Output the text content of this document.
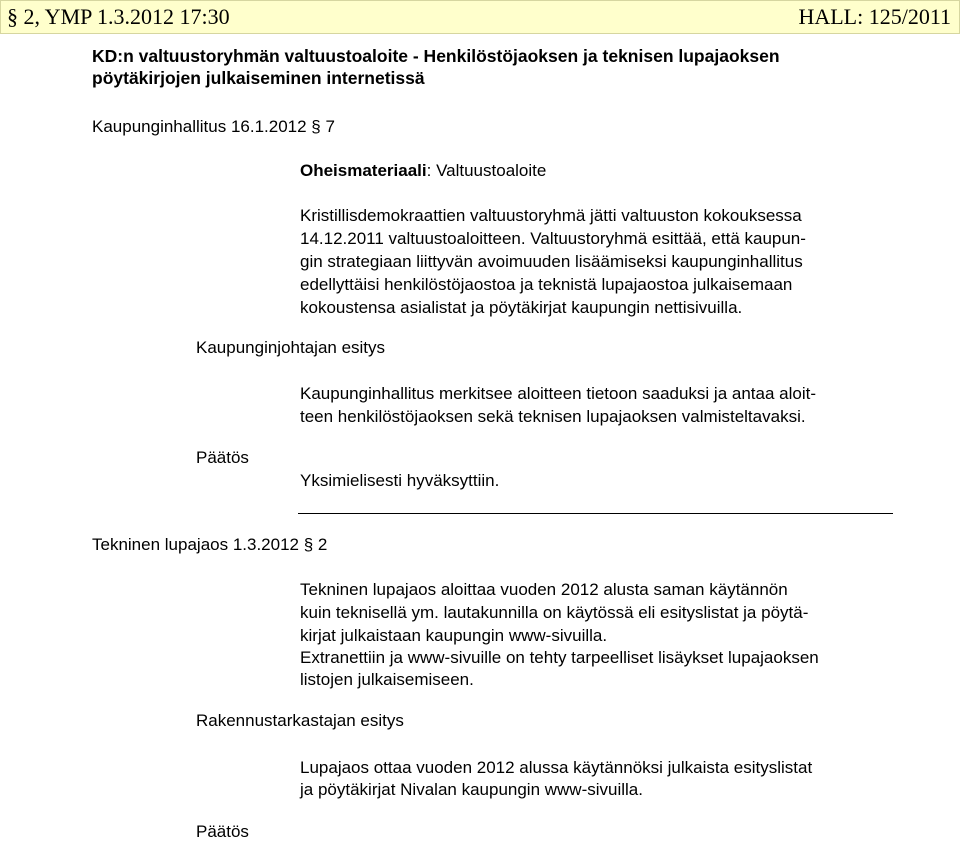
§ 2, YMP 1.3.2012 17:30	HALL: 125/2011
KD:n valtuustoryhmän valtuustoaloite - Henkilöstöjaoksen ja teknisen lupajaoksen
pöytäkirjojen julkaiseminen internetissä
Kaupunginhallitus 16.1.2012 § 7
Oheismateriaali: Valtuustoaloite
Kristillisdemokraattien valtuustoryhmä jätti valtuuston kokouksessa
14.12.2011 valtuustoaloitteen. Valtuustoryhmä esittää, että kaupun-
gin strategiaan liittyvän avoimuuden lisäämiseksi kaupunginhallitus
edellyttäisi henkilöstöjaostoa ja teknistä lupajaostoa julkaisemaan
kokoustensa asialistat ja pöytäkirjat kaupungin nettisivuilla.
Kaupunginjohtajan esitys
Kaupunginhallitus merkitsee aloitteen tietoon saaduksi ja antaa aloit-
teen henkilöstöjaoksen sekä teknisen lupajaoksen valmisteltavaksi.
Päätös
Yksimielisesti hyväksyttiin.
Tekninen lupajaos 1.3.2012 § 2
Tekninen lupajaos aloittaa vuoden 2012 alusta saman käytännön
kuin teknisellä ym. lautakunnilla on käytössä eli esityslistat ja pöytä-
kirjat julkaistaan kaupungin www-sivuilla.
Extranettiin ja www-sivuille on tehty tarpeelliset lisäykset lupajaoksen
listojen julkaisemiseen.
Rakennustarkastajan esitys
Lupajaos ottaa vuoden 2012 alussa käytännöksi julkaista esityslistat
ja pöytäkirjat Nivalan kaupungin www-sivuilla.
Päätös
